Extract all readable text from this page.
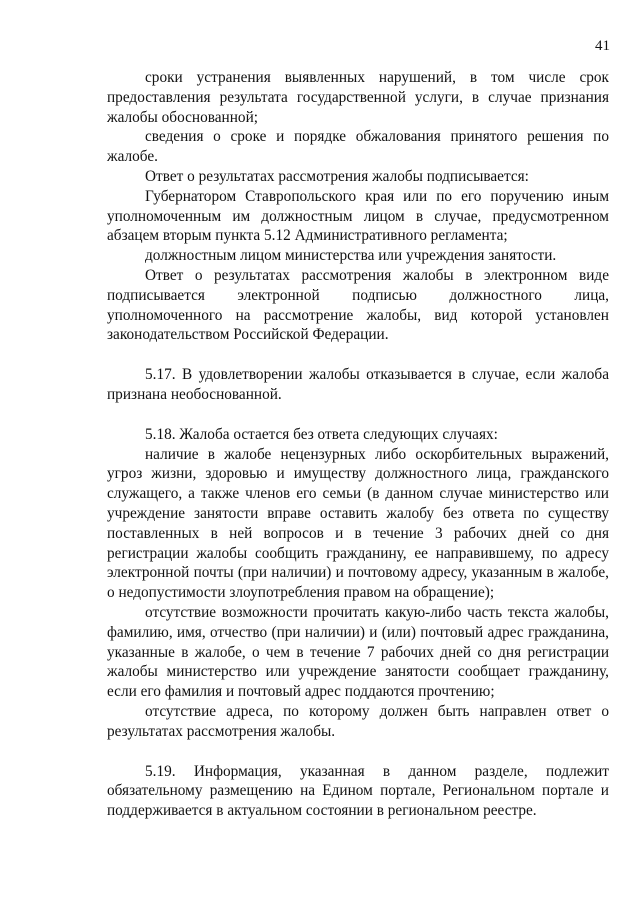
41

сроки устранения выявленных нарушений, в том числе срок предоставления результата государственной услуги, в случае признания жалобы обоснованной;

сведения о сроке и порядке обжалования принятого решения по жалобе.

Ответ о результатах рассмотрения жалобы подписывается:

Губернатором Ставропольского края или по его поручению иным уполномоченным им должностным лицом в случае, предусмотренном абзацем вторым пункта 5.12 Административного регламента;

должностным лицом министерства или учреждения занятости.

Ответ о результатах рассмотрения жалобы в электронном виде подписывается электронной подписью должностного лица, уполномоченного на рассмотрение жалобы, вид которой установлен законодательством Российской Федерации.

5.17. В удовлетворении жалобы отказывается в случае, если жалоба признана необоснованной.

5.18. Жалоба остается без ответа следующих случаях:

наличие в жалобе нецензурных либо оскорбительных выражений, угроз жизни, здоровью и имуществу должностного лица, гражданского служащего, а также членов его семьи (в данном случае министерство или учреждение занятости вправе оставить жалобу без ответа по существу поставленных в ней вопросов и в течение 3 рабочих дней со дня регистрации жалобы сообщить гражданину, ее направившему, по адресу электронной почты (при наличии) и почтовому адресу, указанным в жалобе, о недопустимости злоупотребления правом на обращение);

отсутствие возможности прочитать какую-либо часть текста жалобы, фамилию, имя, отчество (при наличии) и (или) почтовый адрес гражданина, указанные в жалобе, о чем в течение 7 рабочих дней со дня регистрации жалобы министерство или учреждение занятости сообщает гражданину, если его фамилия и почтовый адрес поддаются прочтению;

отсутствие адреса, по которому должен быть направлен ответ о результатах рассмотрения жалобы.

5.19. Информация, указанная в данном разделе, подлежит обязательному размещению на Едином портале, Региональном портале и поддерживается в актуальном состоянии в региональном реестре.
